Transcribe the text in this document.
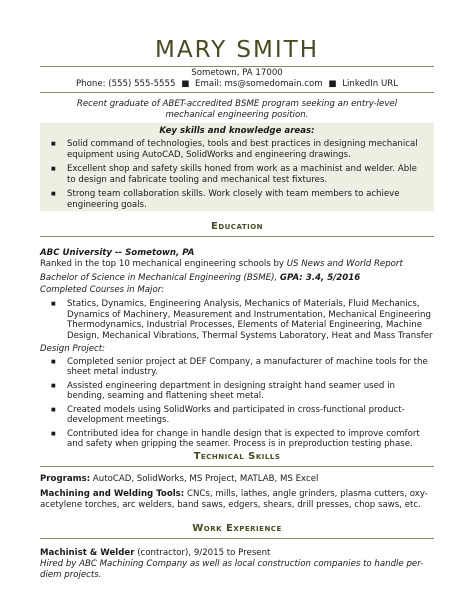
MARY SMITH
Sometown, PA 17000
Phone: (555) 555-5555 ■ Email: ms@somedomain.com ■ LinkedIn URL
Recent graduate of ABET-accredited BSME program seeking an entry-level mechanical engineering position.
Key skills and knowledge areas:
■ Solid command of technologies, tools and best practices in designing mechanical equipment using AutoCAD, SolidWorks and engineering drawings.
■ Excellent shop and safety skills honed from work as a machinist and welder. Able to design and fabricate tooling and mechanical test fixtures.
■ Strong team collaboration skills. Work closely with team members to achieve engineering goals.
Education

ABC University -- Sometown, PA

Ranked in the top 10 mechanical engineering schools by US News and World Report

Bachelor of Science in Mechanical Engineering (BSME), GPA: 3.4, 5/2016

Completed Courses in Major:

■ Statics, Dynamics, Engineering Analysis, Mechanics of Materials, Fluid Mechanics, Dynamics of Machinery, Measurement and Instrumentation, Mechanical Engineering Thermodynamics, Industrial Processes, Elements of Material Engineering, Machine Design, Mechanical Vibrations, Thermal Systems Laboratory, Heat and Mass Transfer

Design Project:

■ Completed senior project at DEF Company, a manufacturer of machine tools for the sheet metal industry.
■ Assisted engineering department in designing straight hand seamer used in bending, seaming and flattening sheet metal.
■ Created models using SolidWorks and participated in cross-functional product-development meetings.
■ Contributed idea for change in handle design that is expected to improve comfort and safety when gripping the seamer. Process is in preproduction testing phase.
Technical Skills

Programs: AutoCAD, SolidWorks, MS Project, MATLAB, MS Excel

Machining and Welding Tools: CNCs, mills, lathes, angle grinders, plasma cutters, oxy-acetylene torches, arc welders, band saws, edgers, shears, drill presses, chop saws, etc.

Work Experience

Machinist & Welder (contractor), 9/2015 to Present

Hired by ABC Machining Company as well as local construction companies to handle per-diem projects.
